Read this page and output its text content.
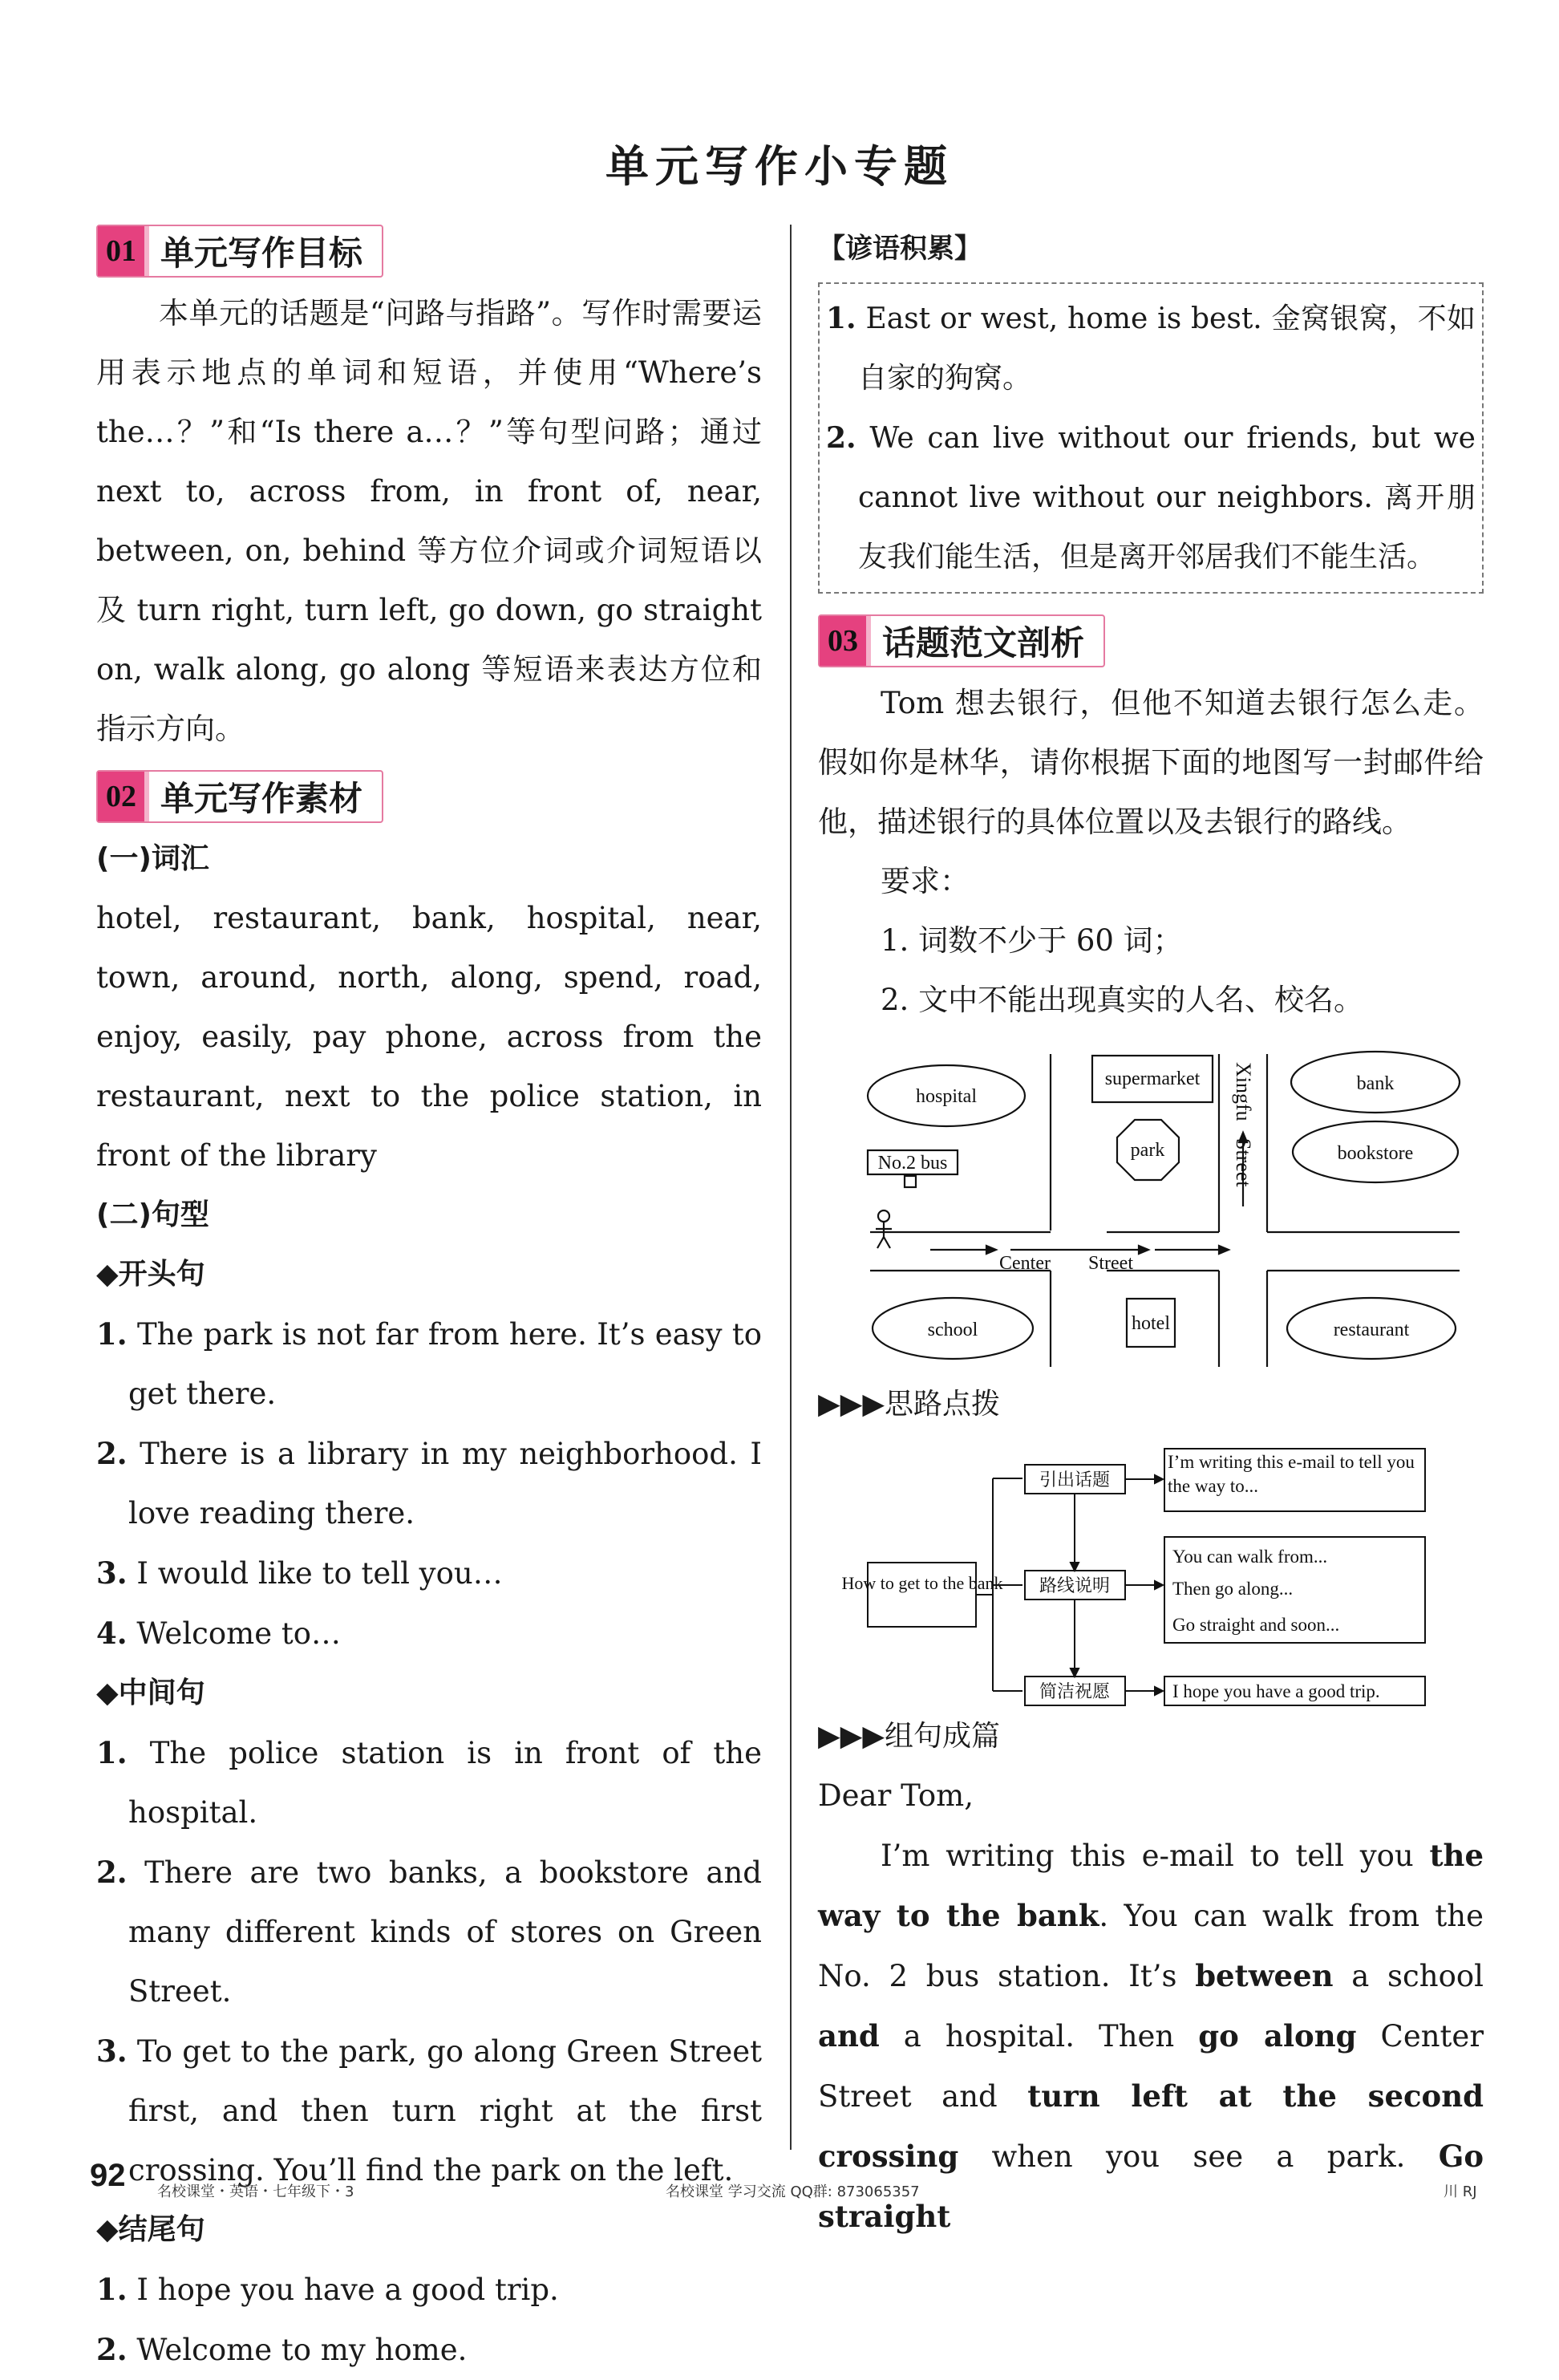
单元写作小专题
01 单元写作目标

本单元的话题是“问路与指路”。写作时需要运用表示地点的单词和短语，并使用“Where’s the…？”和“Is there a…？”等句型问路；通过 next to, across from, in front of, near, between, on, behind 等方位介词或介词短语以及 turn right, turn left, go down, go straight on, walk along, go along 等短语来表达方位和指示方向。

02 单元写作素材
(一)词汇

hotel, restaurant, bank, hospital, near, town, around, north, along, spend, road, enjoy, easily, pay phone, across from the restaurant, next to the police station, in front of the library

(二)句型
◆开头句

1. The park is not far from here. It’s easy to get there.

2. There is a library in my neighborhood. I love reading there.

3. I would like to tell you…

4. Welcome to…

◆中间句

1. The police station is in front of the hospital.

2. There are two banks, a bookstore and many different kinds of stores on Green Street.

3. To get to the park, go along Green Street first, and then turn right at the first crossing. You’ll find the park on the left.

◆结尾句

1. I hope you have a good trip.

2. Welcome to my home.

【谚语积累】

1. East or west, home is best. 金窝银窝，不如自家的狗窝。

2. We can live without our friends, but we cannot live without our neighbors. 离开朋友我们能生活，但是离开邻居我们不能生活。

03 话题范文剖析

Tom 想去银行，但他不知道去银行怎么走。假如你是林华，请你根据下面的地图写一封邮件给他，描述银行的具体位置以及去银行的路线。

要求：

1. 词数不少于 60 词；

2. 文中不能出现真实的人名、校名。

hospital
supermarket
park
bank
bookstore
No.2 bus
Center Street
Xingfu
Street
school	hotel	restaurant
▶▶▶思路点拨
How to get to the bank
引出话题
路线说明
简洁祝愿
I’m writing this e-mail to tell you the way to...
You can walk from...
Then go along...
Go straight and soon...
I hope you have a good trip.
▶▶▶组句成篇

Dear Tom,

I’m writing this e-mail to tell you the way to the bank. You can walk from the No. 2 bus station. It’s between a school and a hospital. Then go along Center Street and turn left at the second crossing when you see a park. Go straight

92 名校课堂・英语・七年级下・3	名校课堂 学习交流 QQ群: 873065357	川 RJ
